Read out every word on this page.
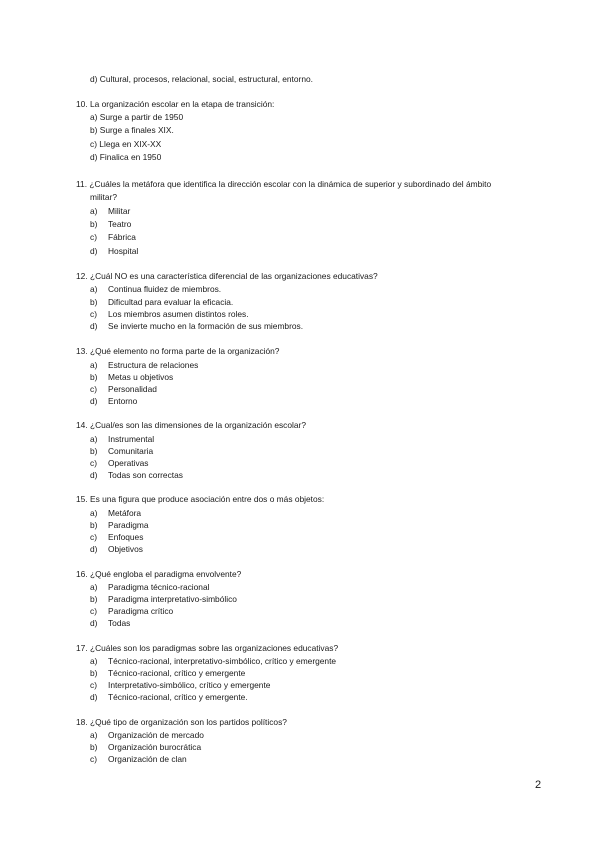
d) Cultural, procesos, relacional, social, estructural, entorno.
10. La organización escolar en la etapa de transición:
a) Surge a partir de 1950
b) Surge a finales XIX.
c) Llega en XIX-XX
d) Finalica en 1950
11. ¿Cuáles la metáfora que identifica la dirección escolar con la dinámica de superior y subordinado del ámbito
militar?
a) Militar
b) Teatro
c) Fábrica
d) Hospital
12. ¿Cuál NO es una característica diferencial de las organizaciones educativas?
a) Continua fluidez de miembros.
b) Dificultad para evaluar la eficacia.
c) Los miembros asumen distintos roles.
d) Se invierte mucho en la formación de sus miembros.
13. ¿Qué elemento no forma parte de la organización?
a) Estructura de relaciones
b) Metas u objetivos
c) Personalidad
d) Entorno
14. ¿Cual/es son las dimensiones de la organización escolar?
a) Instrumental
b) Comunitaria
c) Operativas
d) Todas son correctas
15. Es una figura que produce asociación entre dos o más objetos:
a) Metáfora
b) Paradigma
c) Enfoques
d) Objetivos
16. ¿Qué engloba el paradigma envolvente?
a) Paradigma técnico-racional
b) Paradigma interpretativo-simbólico
c) Paradigma crítico
d) Todas
17. ¿Cuáles son los paradigmas sobre las organizaciones educativas?
a) Técnico-racional, interpretativo-simbólico, crítico y emergente
b) Técnico-racional, crítico y emergente
c) Interpretativo-simbólico, crítico y emergente
d) Técnico-racional, crítico y emergente.
18. ¿Qué tipo de organización son los partidos políticos?
a) Organización de mercado
b) Organización burocrática
c) Organización de clan
2
